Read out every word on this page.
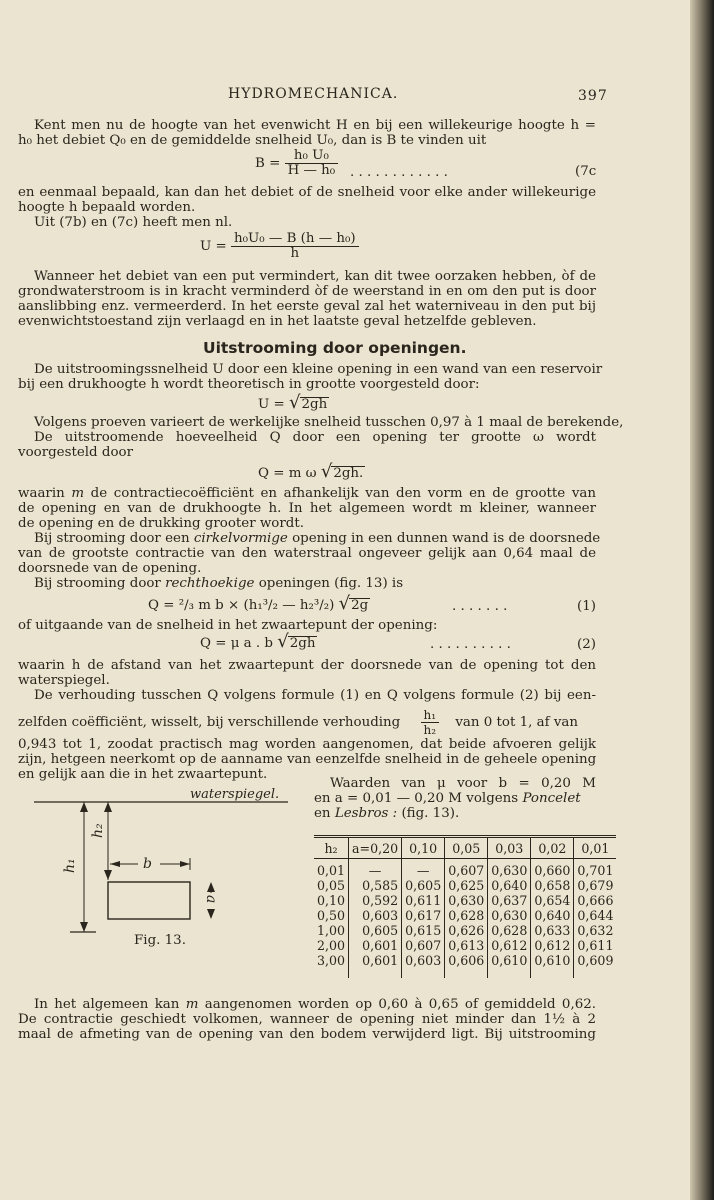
HYDROMECHANICA.	397
Kent men nu de hoogte van het evenwicht H en bij een willekeurige hoogte h =
h₀ het debiet Q₀ en de gemiddelde snelheid U₀, dan is B te vinden uit
$B = \frac{\text{h₀ U₀}}{\text{H — h₀}}$ . . . . . . . . . . . .	(7c
en eenmaal bepaald, kan dan het debiet of de snelheid voor elke ander willekeurige
hoogte h bepaald worden.
Uit (7b) en (7c) heeft men nl.
$U = \frac{\text{h₀U₀ — B (h — h₀)}}{h}$
Wanneer het debiet van een put vermindert, kan dit twee oorzaken hebben, òf de
grondwaterstroom is in kracht verminderd òf de weerstand in en om den put is door
aanslibbing enz. vermeerderd. In het eerste geval zal het waterniveau in den put bij
evenwichtstoestand zijn verlaagd en in het laatste geval hetzelfde gebleven.
Uitstrooming door openingen.
De uitstroomingssnelheid U door een kleine opening in een wand van een reservoir
bij een drukhoogte h wordt theoretisch in grootte voorgesteld door:
U = √2gh
Volgens proeven varieert de werkelijke snelheid tusschen 0,97 à 1 maal de berekende,
De uitstroomende hoeveelheid Q door een opening ter grootte ω wordt
voorgesteld door
Q = m ω √2gh.
waarin m de contractiecoëfficiënt en afhankelijk van den vorm en de grootte van
de opening en van de drukhoogte h. In het algemeen wordt m kleiner, wanneer
de opening en de drukking grooter wordt.
Bij strooming door een cirkelvormige opening in een dunnen wand is de doorsnede
van de grootste contractie van den waterstraal ongeveer gelijk aan 0,64 maal de
doorsnede van de opening.
Bij strooming door rechthoekige openingen (fig. 13) is
Q = ²/₃ m b × (h₁³/₂ — h₂³/₂) √2g	. . . . . . .	(1)
of uitgaande van de snelheid in het zwaartepunt der opening:
Q = μ a . b √2gh	. . . . . . . . . .	(2)
waarin h de afstand van het zwaartepunt der doorsnede van de opening tot den
waterspiegel.
De verhouding tusschen Q volgens formule (1) en Q volgens formule (2) bij een-
zelfden coëfficiënt, wisselt, bij verschillende verhouding $\frac{\text{h₁}}{\text{h₂}}$ van 0 tot 1, af van
0,943 tot 1, zoodat practisch mag worden aangenomen, dat beide afvoeren gelijk
zijn, hetgeen neerkomt op de aanname van eenzelfde snelheid in de geheele opening
en gelijk aan die in het zwaartepunt.
waterspiegel.
h₁
h₂
b
a
Fig. 13.
Waarden van μ voor b = 0,20 M
en a = 0,01 — 0,20 M volgens Poncelet
en Lesbros : (fig. 13).
h₂	a=0,20	0,10	0,05	0,03	0,02	0,01
0,01	—	—	0,607	0,630	0,660	0,701
0,05	0,585	0,605	0,625	0,640	0,658	0,679
0,10	0,592	0,611	0,630	0,637	0,654	0,666
0,50	0,603	0,617	0,628	0,630	0,640	0,644
1,00	0,605	0,615	0,626	0,628	0,633	0,632
2,00	0,601	0,607	0,613	0,612	0,612	0,611
3,00	0,601	0,603	0,606	0,610	0,610	0,609
In het algemeen kan m aangenomen worden op 0,60 à 0,65 of gemiddeld 0,62.
De contractie geschiedt volkomen, wanneer de opening niet minder dan 1½ à 2
maal de afmeting van de opening van den bodem verwijderd ligt. Bij uitstrooming
